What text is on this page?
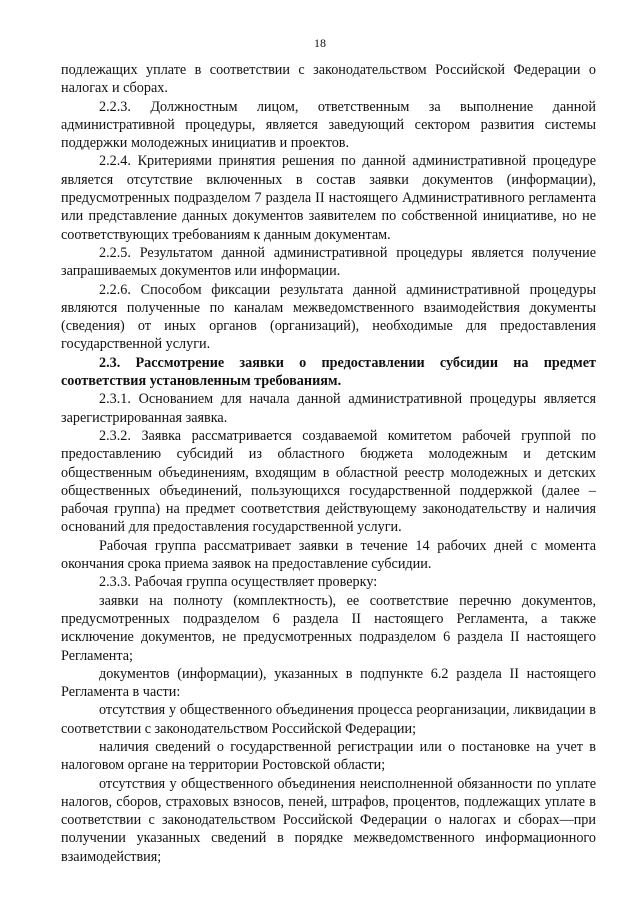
18

подлежащих уплате в соответствии с законодательством Российской Федерации о налогах и сборах.

2.2.3. Должностным лицом, ответственным за выполнение данной административной процедуры, является заведующий сектором развития системы поддержки молодежных инициатив и проектов.

2.2.4. Критериями принятия решения по данной административной процедуре является отсутствие включенных в состав заявки документов (информации), предусмотренных подразделом 7 раздела II настоящего Административного регламента или представление данных документов заявителем по собственной инициативе, но не соответствующих требованиям к данным документам.

2.2.5. Результатом данной административной процедуры является получение запрашиваемых документов или информации.

2.2.6. Способом фиксации результата данной административной процедуры являются полученные по каналам межведомственного взаимодействия документы (сведения) от иных органов (организаций), необходимые для предоставления государственной услуги.

2.3. Рассмотрение заявки о предоставлении субсидии на предмет соответствия установленным требованиям.

2.3.1. Основанием для начала данной административной процедуры является зарегистрированная заявка.

2.3.2. Заявка рассматривается создаваемой комитетом рабочей группой по предоставлению субсидий из областного бюджета молодежным и детским общественным объединениям, входящим в областной реестр молодежных и детских общественных объединений, пользующихся государственной поддержкой (далее – рабочая группа) на предмет соответствия действующему законодательству и наличия оснований для предоставления государственной услуги.

Рабочая группа рассматривает заявки в течение 14 рабочих дней с момента окончания срока приема заявок на предоставление субсидии.

2.3.3. Рабочая группа осуществляет проверку:

заявки на полноту (комплектность), ее соответствие перечню документов, предусмотренных подразделом 6 раздела II настоящего Регламента, а также исключение документов, не предусмотренных подразделом 6 раздела II настоящего Регламента;

документов (информации), указанных в подпункте 6.2 раздела II настоящего Регламента в части:

отсутствия у общественного объединения процесса реорганизации, ликвидации в соответствии с законодательством Российской Федерации;

наличия сведений о государственной регистрации или о постановке на учет в налоговом органе на территории Ростовской области;

отсутствия у общественного объединения неисполненной обязанности по уплате налогов, сборов, страховых взносов, пеней, штрафов, процентов, подлежащих уплате в соответствии с законодательством Российской Федерации о налогах и сборах—при получении указанных сведений в порядке межведомственного информационного взаимодействия;
